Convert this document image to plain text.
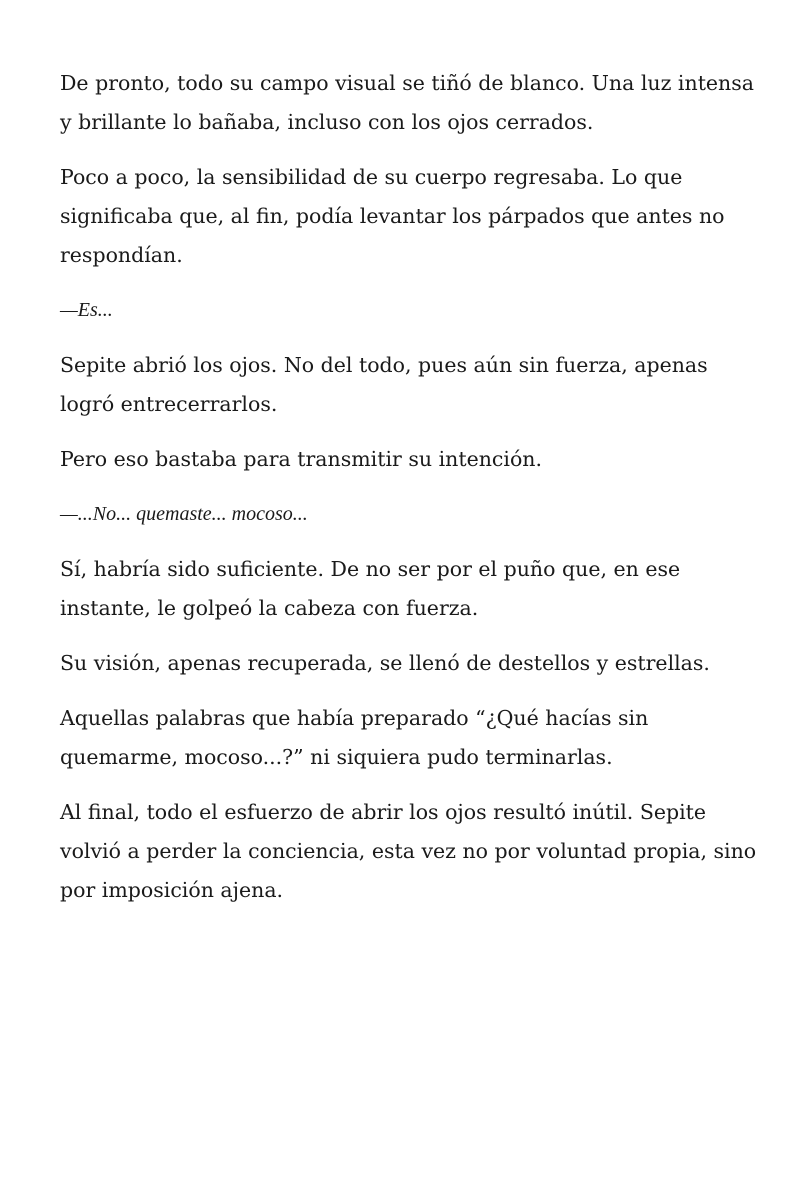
De pronto, todo su campo visual se tiñó de blanco. Una luz intensa y brillante lo bañaba, incluso con los ojos cerrados.

Poco a poco, la sensibilidad de su cuerpo regresaba. Lo que significaba que, al fin, podía levantar los párpados que antes no respondían.

—Es...

Sepite abrió los ojos. No del todo, pues aún sin fuerza, apenas logró entrecerrarlos.

Pero eso bastaba para transmitir su intención.

—...No... quemaste... mocoso...

Sí, habría sido suficiente. De no ser por el puño que, en ese instante, le golpeó la cabeza con fuerza.

Su visión, apenas recuperada, se llenó de destellos y estrellas.

Aquellas palabras que había preparado “¿Qué hacías sin quemarme, mocoso...?” ni siquiera pudo terminarlas.

Al final, todo el esfuerzo de abrir los ojos resultó inútil. Sepite volvió a perder la conciencia, esta vez no por voluntad propia, sino por imposición ajena.
